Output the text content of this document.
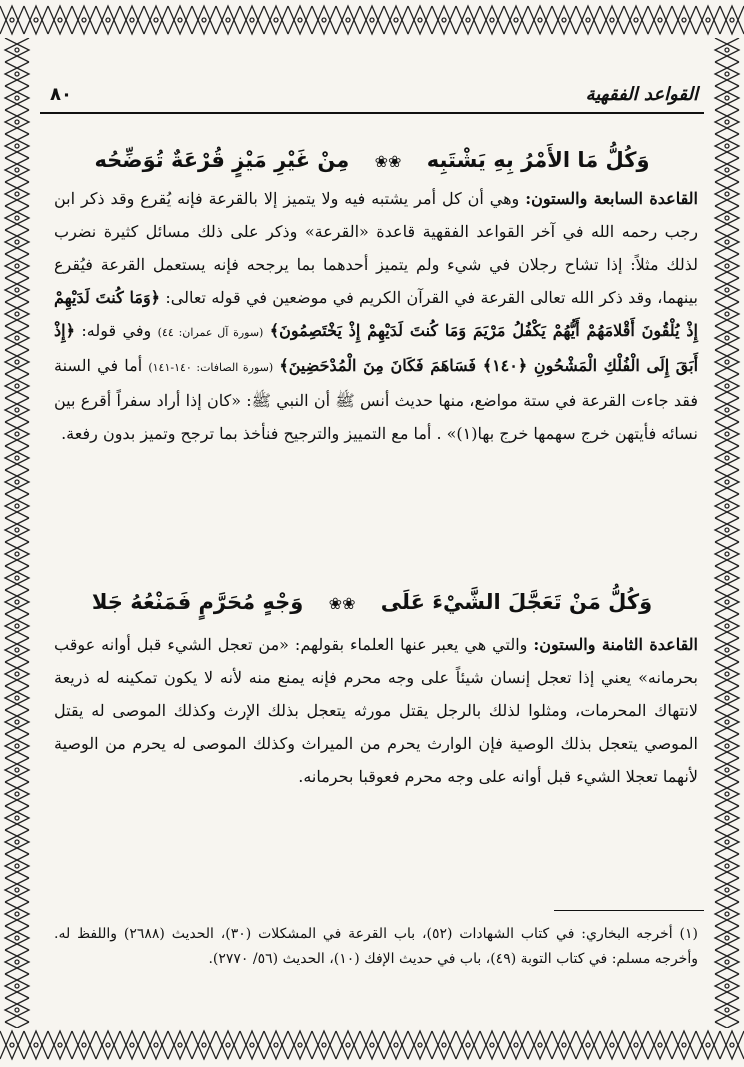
القواعد الفقهية
٨٠
وَكُلُّ مَا الأَمْرُ بِهِ يَشْتَبِه ❀❀ مِنْ غَيْرِ مَيْزٍ قُرْعَةٌ تُوَضِّحُه
القاعدة السابعة والستون: وهي أن كل أمر يشتبه فيه ولا يتميز إلا بالقرعة فإنه يُقرع وقد ذكر ابن رجب رحمه الله في آخر القواعد الفقهية قاعدة «القرعة» وذكر على ذلك مسائل كثيرة نضرب لذلك مثلاً: إذا تشاح رجلان في شيء ولم يتميز أحدهما بما يرجحه فإنه يستعمل القرعة فيُقرع بينهما، وقد ذكر الله تعالى القرعة في القرآن الكريم في موضعين في قوله تعالى: ﴿وَمَا كُنتَ لَدَيْهِمْ إِذْ يُلْقُونَ أَقْلامَهُمْ أَيُّهُمْ يَكْفُلُ مَرْيَمَ وَمَا كُنتَ لَدَيْهِمْ إِذْ يَخْتَصِمُونَ﴾ (سورة آل عمران: ٤٤) وفي قوله: ﴿إِذْ أَبَقَ إِلَى الْفُلْكِ الْمَشْحُونِ ﴿١٤٠﴾ فَسَاهَمَ فَكَانَ مِنَ الْمُدْحَضِينَ﴾ (سورة الصافات: ١٤٠-١٤١) أما في السنة فقد جاءت القرعة في ستة مواضع، منها حديث أنس ﷺ أن النبي ﷺ: «كان إذا أراد سفراً أقرع بين نسائه فأيتهن خرج سهمها خرج بها(١)» . أما مع التمييز والترجيح فنأخذ بما ترجح وتميز بدون رفعة.
وَكُلُّ مَنْ تَعَجَّلَ الشَّيْءَ عَلَى ❀❀ وَجْهٍ مُحَرَّمٍ فَمَنْعُهُ جَلا
القاعدة الثامنة والستون: والتي هي يعبر عنها العلماء بقولهم: «من تعجل الشيء قبل أوانه عوقب بحرمانه» يعني إذا تعجل إنسان شيئاً على وجه محرم فإنه يمنع منه لأنه لا يكون تمكينه له ذريعة لانتهاك المحرمات، ومثلوا لذلك بالرجل يقتل مورثه يتعجل بذلك الإرث وكذلك الموصى له يقتل الموصي يتعجل بذلك الوصية فإن الوارث يحرم من الميراث وكذلك الموصى له يحرم من الوصية لأنهما تعجلا الشيء قبل أوانه على وجه محرم فعوقبا بحرمانه.
(١) أخرجه البخاري: في كتاب الشهادات (٥٢)، باب القرعة في المشكلات (٣٠)، الحديث (٢٦٨٨) واللفظ له. وأخرجه مسلم: في كتاب التوبة (٤٩)، باب في حديث الإفك (١٠)، الحديث (٥٦/ ٢٧٧٠).
